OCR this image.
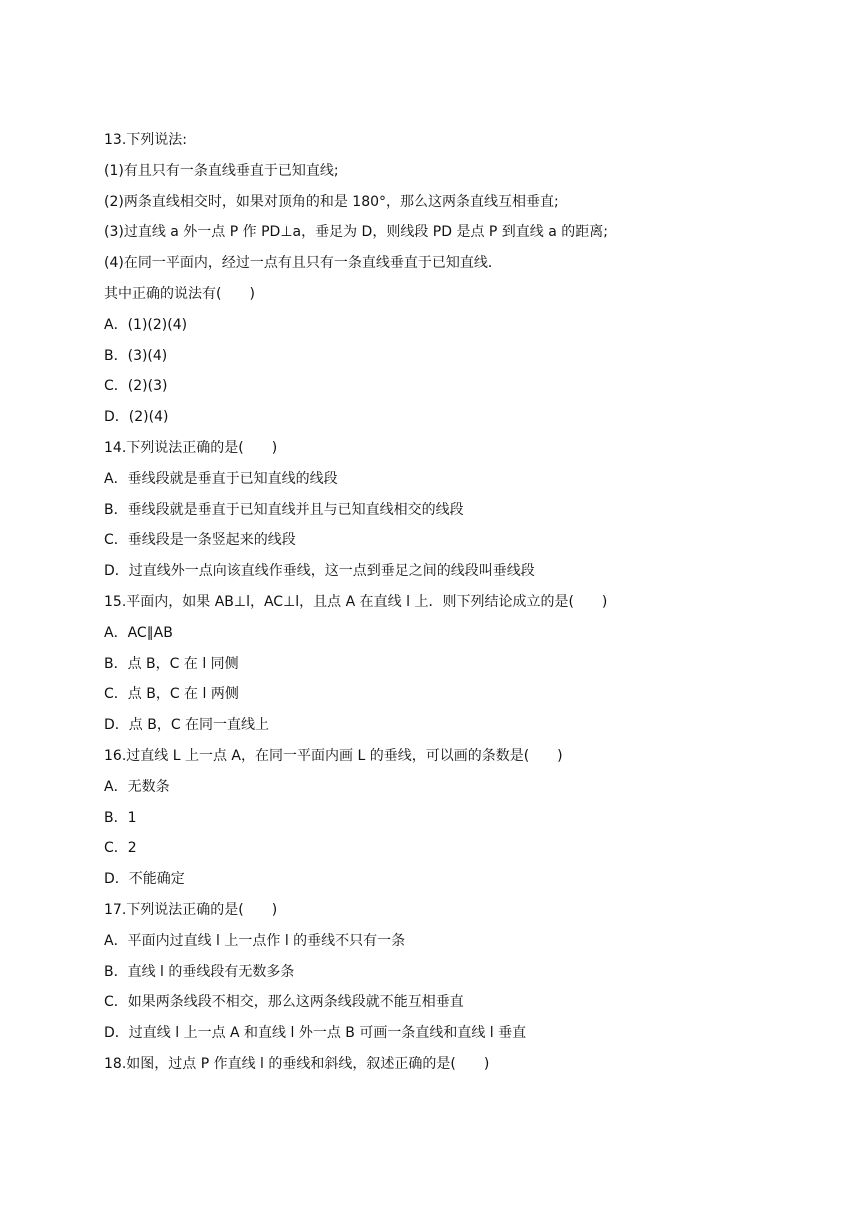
13.下列说法:
(1)有且只有一条直线垂直于已知直线;
(2)两条直线相交时，如果对顶角的和是 180°，那么这两条直线互相垂直;
(3)过直线 a 外一点 P 作 PD⊥a，垂足为 D，则线段 PD 是点 P 到直线 a 的距离;
(4)在同一平面内，经过一点有且只有一条直线垂直于已知直线．
其中正确的说法有(　　)
A．(1)(2)(4)
B．(3)(4)
C．(2)(3)
D．(2)(4)
14.下列说法正确的是(　　)
A．垂线段就是垂直于已知直线的线段
B．垂线段就是垂直于已知直线并且与已知直线相交的线段
C．垂线段是一条竖起来的线段
D．过直线外一点向该直线作垂线，这一点到垂足之间的线段叫垂线段
15.平面内，如果 AB⊥l，AC⊥l，且点 A 在直线 l 上．则下列结论成立的是(　　)
A．AC∥AB
B．点 B，C 在 l 同侧
C．点 B，C 在 l 两侧
D．点 B，C 在同一直线上
16.过直线 L 上一点 A，在同一平面内画 L 的垂线，可以画的条数是(　　)
A．无数条
B．1
C．2
D．不能确定
17.下列说法正确的是(　　)
A．平面内过直线 l 上一点作 l 的垂线不只有一条
B．直线 l 的垂线段有无数多条
C．如果两条线段不相交，那么这两条线段就不能互相垂直
D．过直线 l 上一点 A 和直线 l 外一点 B 可画一条直线和直线 l 垂直
18.如图，过点 P 作直线 l 的垂线和斜线，叙述正确的是(　　)
